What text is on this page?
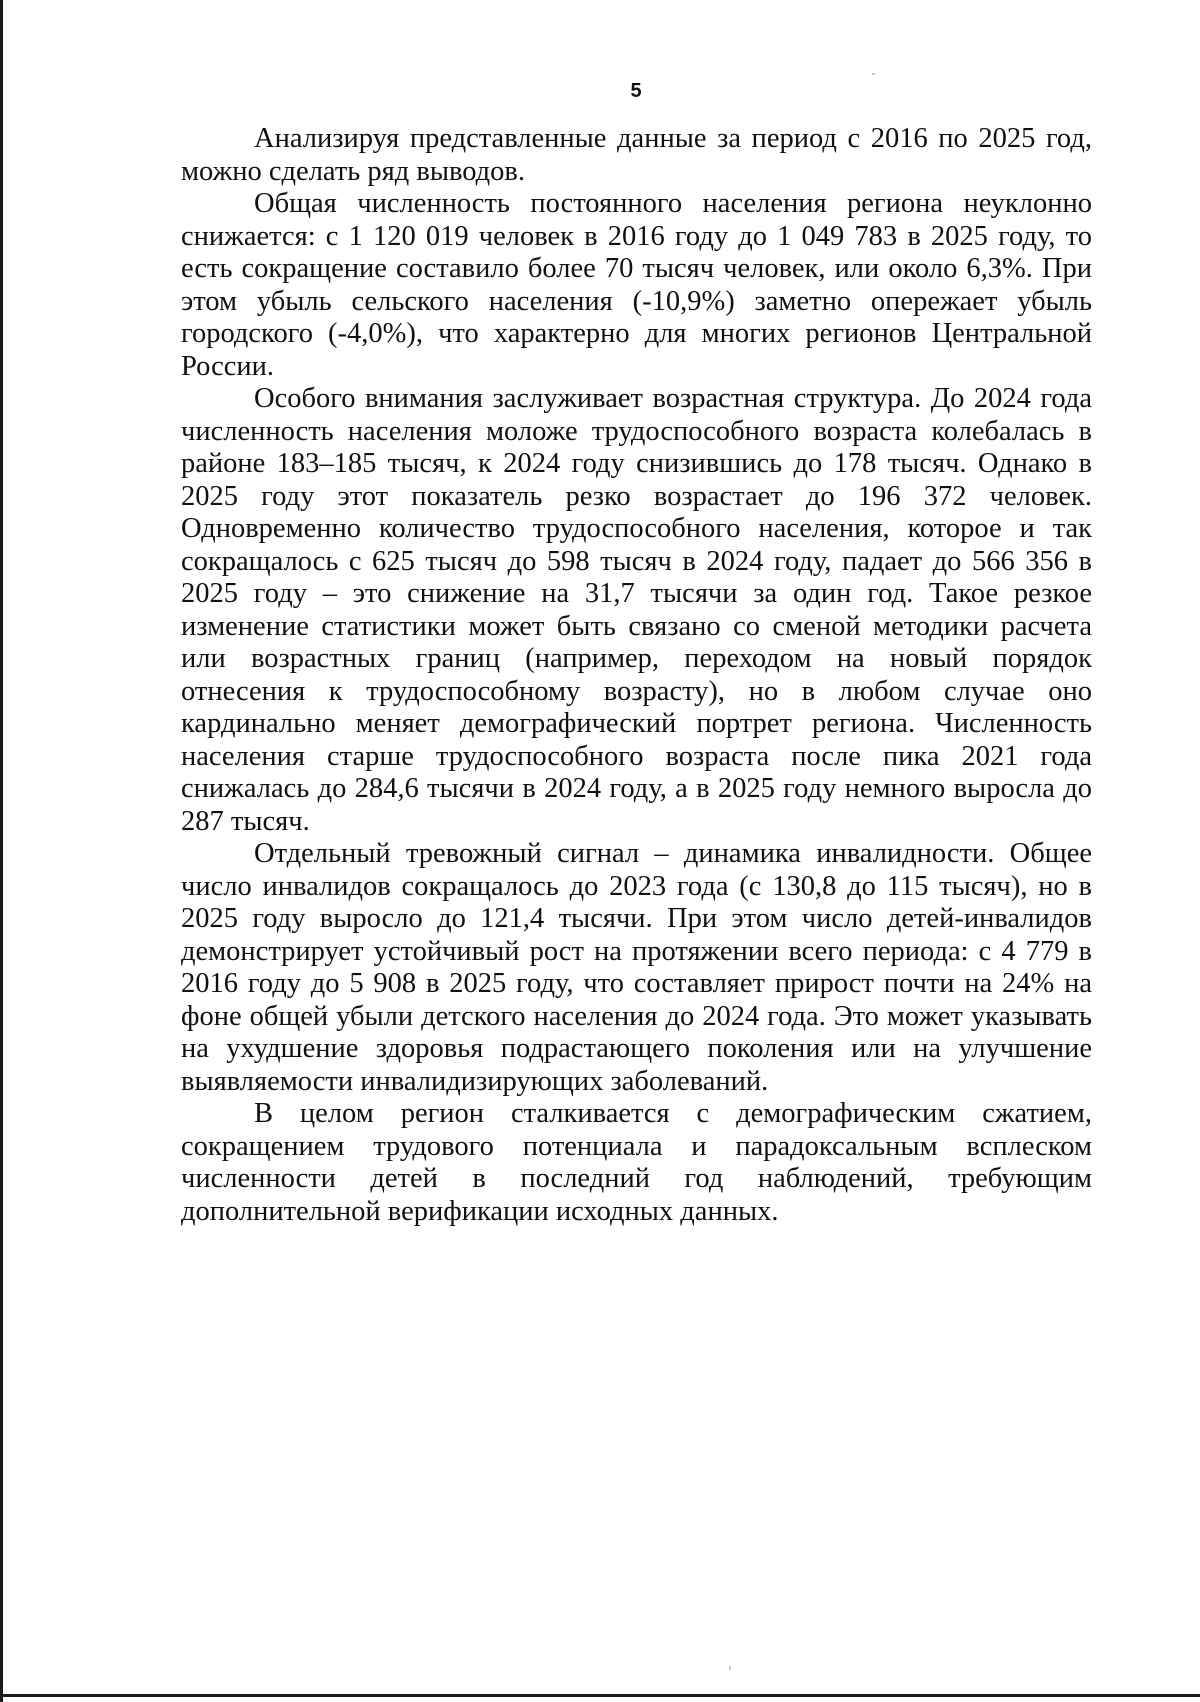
5

Анализируя представленные данные за период с 2016 по 2025 год, можно сделать ряд выводов.

Общая численность постоянного населения региона неуклонно снижается: с 1 120 019 человек в 2016 году до 1 049 783 в 2025 году, то есть сокращение составило более 70 тысяч человек, или около 6,3%. При этом убыль сельского населения (-10,9%) заметно опережает убыль городского (-4,0%), что характерно для многих регионов Центральной России.

Особого внимания заслуживает возрастная структура. До 2024 года численность населения моложе трудоспособного возраста колебалась в районе 183–185 тысяч, к 2024 году снизившись до 178 тысяч. Однако в 2025 году этот показатель резко возрастает до 196 372 человек. Одновременно количество трудоспособного населения, которое и так сокращалось с 625 тысяч до 598 тысяч в 2024 году, падает до 566 356 в 2025 году – это снижение на 31,7 тысячи за один год. Такое резкое изменение статистики может быть связано со сменой методики расчета или возрастных границ (например, переходом на новый порядок отнесения к трудоспособному возрасту), но в любом случае оно кардинально меняет демографический портрет региона. Численность населения старше трудоспособного возраста после пика 2021 года снижалась до 284,6 тысячи в 2024 году, а в 2025 году немного выросла до 287 тысяч.

Отдельный тревожный сигнал – динамика инвалидности. Общее число инвалидов сокращалось до 2023 года (с 130,8 до 115 тысяч), но в 2025 году выросло до 121,4 тысячи. При этом число детей-инвалидов демонстрирует устойчивый рост на протяжении всего периода: с 4 779 в 2016 году до 5 908 в 2025 году, что составляет прирост почти на 24% на фоне общей убыли детского населения до 2024 года. Это может указывать на ухудшение здоровья подрастающего поколения или на улучшение выявляемости инвалидизирующих заболеваний.

В целом регион сталкивается с демографическим сжатием, сокращением трудового потенциала и парадоксальным всплеском численности детей в последний год наблюдений, требующим дополнительной верификации исходных данных.
